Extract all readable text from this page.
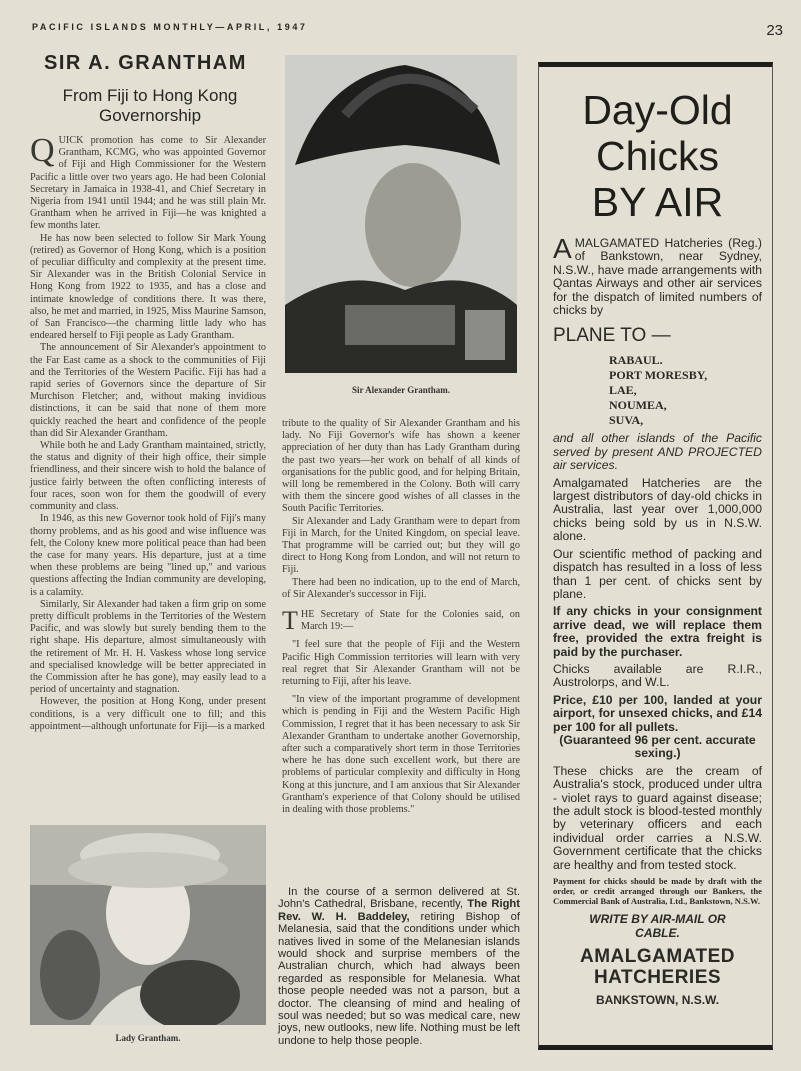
PACIFIC ISLANDS MONTHLY—APRIL, 1947	23
SIR A. GRANTHAM
From Fiji to Hong Kong Governorship

QUICK promotion has come to Sir Alexander Grantham, KCMG, who was appointed Governor of Fiji and High Commissioner for the Western Pacific a little over two years ago. He had been Colonial Secretary in Jamaica in 1938-41, and Chief Secretary in Nigeria from 1941 until 1944; and he was still plain Mr. Grantham when he arrived in Fiji—he was knighted a few months later.

He has now been selected to follow Sir Mark Young (retired) as Governor of Hong Kong, which is a position of peculiar difficulty and complexity at the present time. Sir Alexander was in the British Colonial Service in Hong Kong from 1922 to 1935, and has a close and intimate knowledge of conditions there. It was there, also, he met and married, in 1925, Miss Maurine Samson, of San Francisco—the charming little lady who has endeared herself to Fiji people as Lady Grantham.

The announcement of Sir Alexander's appointment to the Far East came as a shock to the communities of Fiji and the Territories of the Western Pacific. Fiji has had a rapid series of Governors since the departure of Sir Murchison Fletcher; and, without making invidious distinctions, it can be said that none of them more quickly reached the heart and confidence of the people than did Sir Alexander Grantham.

While both he and Lady Grantham maintained, strictly, the status and dignity of their high office, their simple friendliness, and their sincere wish to hold the balance of justice fairly between the often conflicting interests of four races, soon won for them the goodwill of every community and class.

In 1946, as this new Governor took hold of Fiji's many thorny problems, and as his good and wise influence was felt, the Colony knew more political peace than had been the case for many years. His departure, just at a time when these problems are being "lined up," and various questions affecting the Indian community are developing, is a calamity.

Similarly, Sir Alexander had taken a firm grip on some pretty difficult problems in the Territories of the Western Pacific, and was slowly but surely bending them to the right shape. His departure, almost simultaneously with the retirement of Mr. H. H. Vaskess whose long service and specialised knowledge will be better appreciated in the Commission after he has gone), may easily lead to a period of uncertainty and stagnation.

However, the position at Hong Kong, under present conditions, is a very difficult one to fill; and this appointment—although unfortunate for Fiji—is a marked

Lady Grantham.
Sir Alexander Grantham.

tribute to the quality of Sir Alexander Grantham and his lady. No Fiji Governor's wife has shown a keener appreciation of her duty than has Lady Grantham during the past two years—her work on behalf of all kinds of organisations for the public good, and for helping Britain, will long be remembered in the Colony. Both will carry with them the sincere good wishes of all classes in the South Pacific Territories.

Sir Alexander and Lady Grantham were to depart from Fiji in March, for the United Kingdom, on special leave. That programme will be carried out; but they will go direct to Hong Kong from London, and will not return to Fiji.

There had been no indication, up to the end of March, of Sir Alexander's successor in Fiji.

THE Secretary of State for the Colonies said, on March 19:—

"I feel sure that the people of Fiji and the Western Pacific High Commission territories will learn with very real regret that Sir Alexander Grantham will not be returning to Fiji, after his leave.

"In view of the important programme of development which is pending in Fiji and the Western Pacific High Commission, I regret that it has been necessary to ask Sir Alexander Grantham to undertake another Governorship, after such a comparatively short term in those Territories where he has done such excellent work, but there are problems of particular complexity and difficulty in Hong Kong at this juncture, and I am anxious that Sir Alexander Grantham's experience of that Colony should be utilised in dealing with those problems."

In the course of a sermon delivered at St. John's Cathedral, Brisbane, recently, The Right Rev. W. H. Baddeley, retiring Bishop of Melanesia, said that the conditions under which natives lived in some of the Melanesian islands would shock and surprise members of the Australian church, which had always been regarded as responsible for Melanesia. What those people needed was not a parson, but a doctor. The cleansing of mind and healing of soul was needed; but so was medical care, new joys, new outlooks, new life. Nothing must be left undone to help those people.
Day-Old
Chicks
BY AIR

AMALGAMATED Hatcheries (Reg.) of Bankstown, near Sydney, N.S.W., have made arrangements with Qantas Airways and other air services for the dispatch of limited numbers of chicks by

PLANE TO —
RABAUL.
PORT MORESBY,
LAE,
NOUMEA,
SUVA,

and all other islands of the Pacific served by present AND PROJECTED air services.

Amalgamated Hatcheries are the largest distributors of day-old chicks in Australia, last year over 1,000,000 chicks being sold by us in N.S.W. alone.

Our scientific method of packing and dispatch has resulted in a loss of less than 1 per cent. of chicks sent by plane.

If any chicks in your consignment arrive dead, we will replace them free, provided the extra freight is paid by the purchaser.

Chicks available are R.I.R., Austrolorps, and W.L.

Price, £10 per 100, landed at your airport, for unsexed chicks, and £14 per 100 for all pullets.

(Guaranteed 96 per cent. accurate sexing.)

These chicks are the cream of Australia's stock, produced under ultra - violet rays to guard against disease; the adult stock is blood-tested monthly by veterinary officers and each individual order carries a N.S.W. Government certificate that the chicks are healthy and from tested stock.

Payment for chicks should be made by draft with the order, or credit arranged through our Bankers, the Commercial Bank of Australia, Ltd., Bankstown, N.S.W.

WRITE BY AIR-MAIL OR CABLE.
AMALGAMATED
HATCHERIES
BANKSTOWN, N.S.W.
